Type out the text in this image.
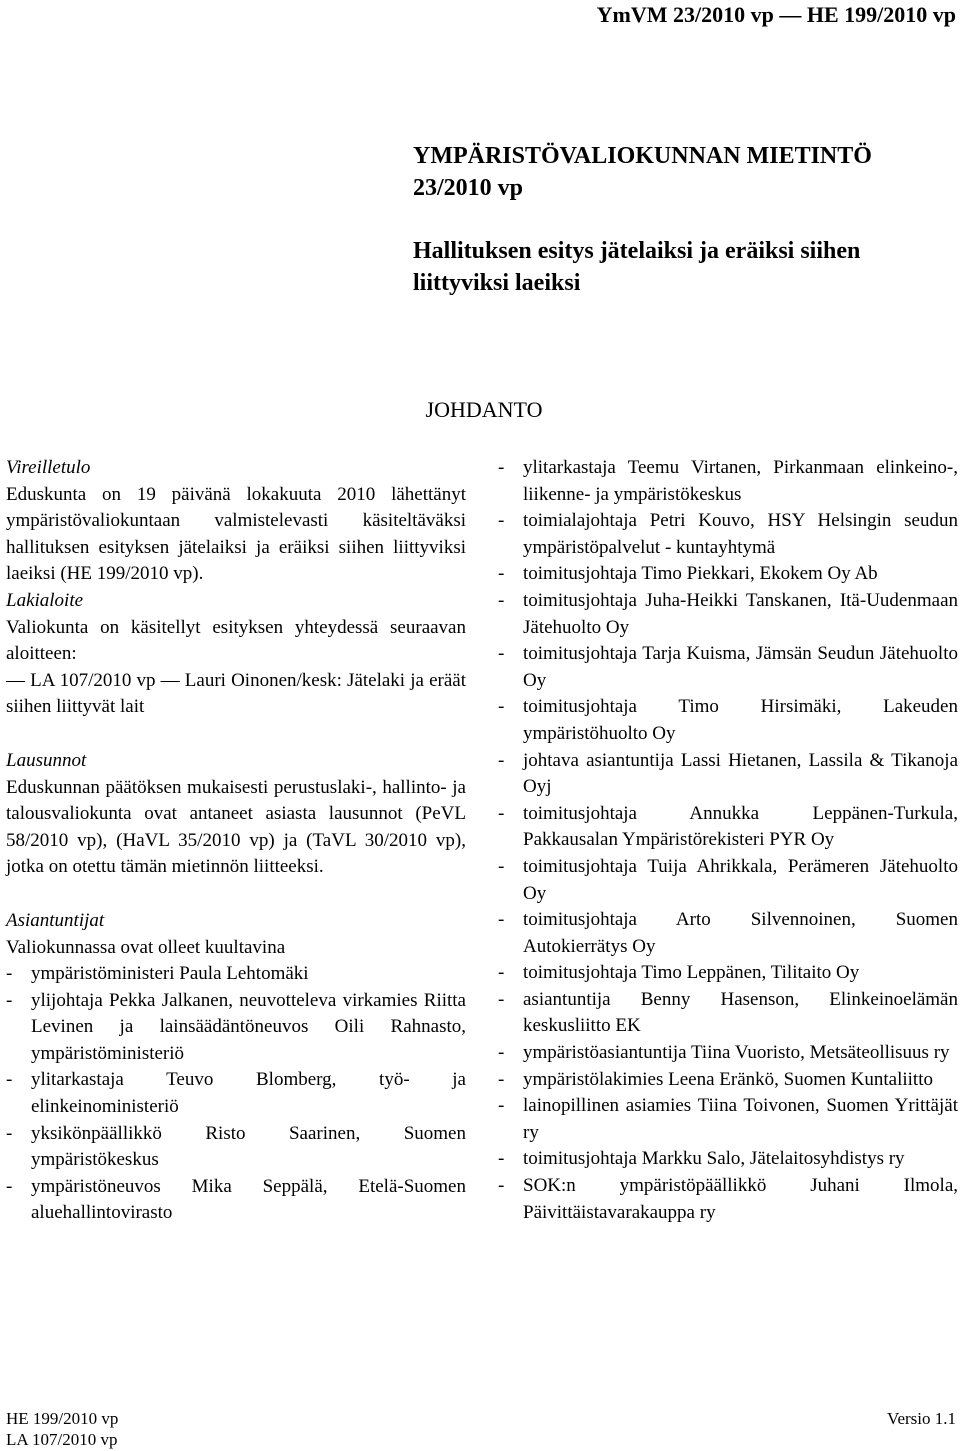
YmVM 23/2010 vp — HE 199/2010 vp

YMPÄRISTÖVALIOKUNNAN MIETINTÖ

23/2010 vp

Hallituksen esitys jätelaiksi ja eräiksi siihen liittyviksi laeiksi

JOHDANTO

Vireilletulo

Eduskunta on 19 päivänä lokakuuta 2010 lähettänyt ympäristövaliokuntaan valmistelevasti käsiteltäväksi hallituksen esityksen jätelaiksi ja eräiksi siihen liittyviksi laeiksi (HE 199/2010 vp).

Lakialoite

Valiokunta on käsitellyt esityksen yhteydessä seuraavan aloitteen:

— LA 107/2010 vp — Lauri Oinonen/kesk: Jätelaki ja eräät siihen liittyvät lait

Lausunnot

Eduskunnan päätöksen mukaisesti perustuslaki-, hallinto- ja talousvaliokunta ovat antaneet asiasta lausunnot (PeVL 58/2010 vp), (HaVL 35/2010 vp) ja (TaVL 30/2010 vp), jotka on otettu tämän mietinnön liitteeksi.

Asiantuntijat

Valiokunnassa ovat olleet kuultavina

- ympäristöministeri Paula Lehtomäki
- ylijohtaja Pekka Jalkanen, neuvotteleva virkamies Riitta Levinen ja lainsäädäntöneuvos Oili Rahnasto, ympäristöministeriö
- ylitarkastaja Teuvo Blomberg, työ- ja elinkeinoministeriö
- yksikönpäällikkö Risto Saarinen, Suomen ympäristökeskus
- ympäristöneuvos Mika Seppälä, Etelä-Suomen aluehallintovirasto
- ylitarkastaja Teemu Virtanen, Pirkanmaan elinkeino-, liikenne- ja ympäristökeskus
- toimialajohtaja Petri Kouvo, HSY Helsingin seudun ympäristöpalvelut - kuntayhtymä
- toimitusjohtaja Timo Piekkari, Ekokem Oy Ab
- toimitusjohtaja Juha-Heikki Tanskanen, Itä-Uudenmaan Jätehuolto Oy
- toimitusjohtaja Tarja Kuisma, Jämsän Seudun Jätehuolto Oy
- toimitusjohtaja Timo Hirsimäki, Lakeuden ympäristöhuolto Oy
- johtava asiantuntija Lassi Hietanen, Lassila & Tikanoja Oyj
- toimitusjohtaja Annukka Leppänen-Turkula, Pakkausalan Ympäristörekisteri PYR Oy
- toimitusjohtaja Tuija Ahrikkala, Perämeren Jätehuolto Oy
- toimitusjohtaja Arto Silvennoinen, Suomen Autokierrätys Oy
- toimitusjohtaja Timo Leppänen, Tilitaito Oy
- asiantuntija Benny Hasenson, Elinkeinoelämän keskusliitto EK
- ympäristöasiantuntija Tiina Vuoristo, Metsäteollisuus ry
- ympäristölakimies Leena Eränkö, Suomen Kuntaliitto
- lainopillinen asiamies Tiina Toivonen, Suomen Yrittäjät ry
- toimitusjohtaja Markku Salo, Jätelaitosyhdistys ry
- SOK:n ympäristöpäällikkö Juhani Ilmola, Päivittäistavarakauppa ry
HE 199/2010 vp
LA 107/2010 vp
Versio 1.1
